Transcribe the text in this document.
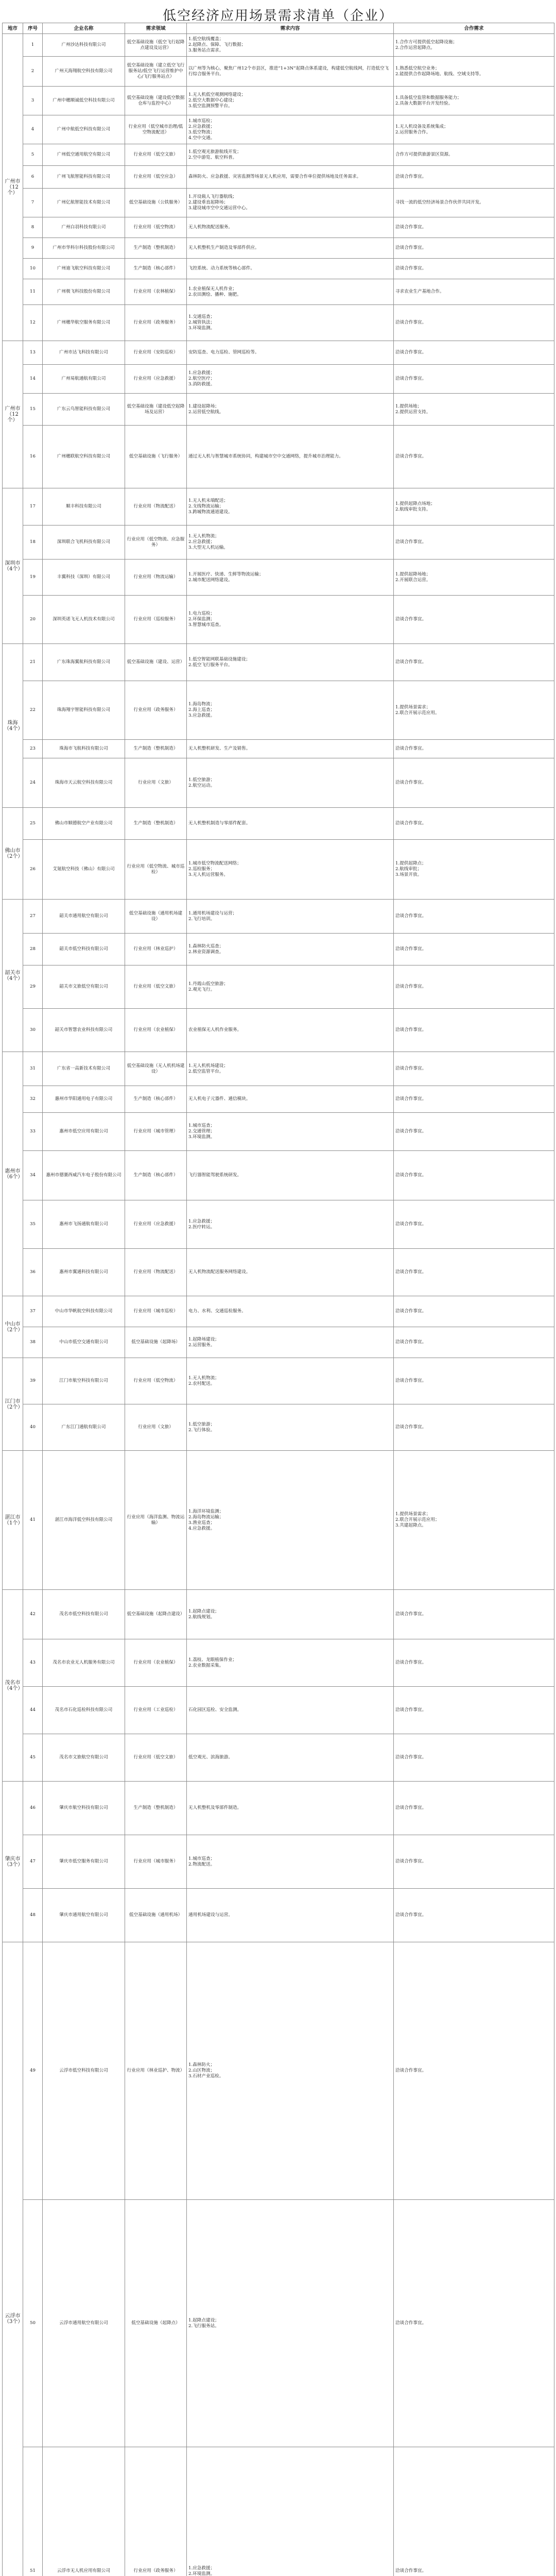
低空经济应用场景需求清单（企业）
地市	序号	企业名称	需求领域	需求内容	合作需求
广州市（12个）	1	广州沙达科技有限公司	低空基础设施（低空飞行起降点建设及运营）	1.低空航线覆盖；
2.起降点、保障、飞行数据；
3.服务站点需求。	1.合作方可提供低空起降设施；
2.合作运营起降点。

	2	广州天海翔航空科技有限公司	低空基础设施（建立低空飞行服务站/低空飞行运营维护中心/飞行服务站点）	以广州等为核心，聚焦广州12个市县区，推进“1+3N”起降点体系建设，构建低空航线网，打造低空飞行综合服务平台。	1.熟悉低空航空业务；
2.能提供合作起降场地、航线、空域支持等。

	3	广州中穗顺诚低空科技有限公司	低空基础设施（建设低空数据仓库与监控中心）	1.无人机低空观测网络建设；
2.低空大数据中心建设；
3.低空监测预警平台。	1.具备低空监管和数据服务能力；
2.具备大数据平台开发经验。

	4	广州中航低空科技有限公司	行业应用（低空城市治理/低空物流配送）	1.城市巡检；
2.应急救援；
3.低空物流；
4.空中交通。	1.无人机设备及系统集成；
2.运营服务合作。

	5	广州低空通用航空有限公司	行业应用（低空文旅）	1.低空观光旅游航线开发；
2.空中游览、航空科普。	合作方可提供旅游景区资源。

	6	广州飞航智能科技有限公司	行业应用（低空应急）	森林防火、应急救援、灾害监测等场景无人机应用，需要合作单位提供场地及任务需求。	洽谈合作事宜。

	7	广州亿航智能技术有限公司	低空基础设施（公铁服务）	1.开设载人飞行器航线；
2.建设垂直起降场；
3.建设城市空中交通运营中心。	寻找一流的低空经济场景合作伙伴共同开发。

	8	广州白羽科技有限公司	行业应用（低空物流）	无人机物流配送服务。	洽谈合作事宜。

	9	广州市华科尔科技股份有限公司	生产制造（整机制造）	无人机整机生产制造及零部件供应。	洽谈合作事宜。

	10	广州迪飞航空科技有限公司	生产制造（核心部件）	飞控系统、动力系统等核心部件。	洽谈合作事宜。

	11	广州极飞科技股份有限公司	行业应用（农林植保）	1.农业植保无人机作业；
2.农田测绘、播种、施肥。	寻求农业生产基地合作。

	12	广州穗华航空服务有限公司	行业应用（政务服务）	1.交通巡查；
2.城管执法；
3.环境监测。	洽谈合作事宜。

广州市（12个）	13	广州市达飞科技有限公司	行业应用（安防巡检）	安防巡查、电力巡检、管网巡检等。	洽谈合作事宜。

	14	广州易航通航有限公司	行业应用（应急救援）	1.应急救援；
2.航空医疗；
3.消防救援。	洽谈合作事宜。

	15	广东云鸟智能科技有限公司	低空基础设施（建设低空起降场及运营）	1.建设起降场；
2.运营低空航线。	1.提供场地；
2.提供运营支持。

	16	广州穗联航空科技有限公司	低空基础设施（飞行服务）	通过无人机与智慧城市系统协同，构建城市空中交通网络，提升城市治理能力。	洽谈合作事宜。

深圳市（4个）	17	顺丰科技有限公司	行业应用（物流配送）	1.无人机末端配送；
2.支线物流运输；
3.跨城物流通道建设。	1.提供起降点场地；
2.航线审批支持。

	18	深圳联合飞机科技有限公司	行业应用（低空物流、应急服务）	1.无人机物流；
2.应急救援；
3.大型无人机运输。	洽谈合作事宜。

	19	丰翼科技（深圳）有限公司	行业应用（物流运输）	1.开展医疗、快递、生鲜等物流运输；
2.城市配送网络建设。	1.提供起降场地；
2.开展联合运营。

	20	深圳英诺飞无人机技术有限公司	行业应用（巡检服务）	1.电力巡检；
2.环保监测；
3.智慧城市巡查。	洽谈合作事宜。

珠海（4个）	21	广东珠海翼航科技有限公司	低空基础设施（建设、运营）	1.低空智能网联基础设施建设；
2.低空飞行服务平台。	洽谈合作事宜。

	22	珠海翔宇智能科技有限公司	行业应用（政务服务）	1.海岛物流；
2.海上巡查；
3.应急救援。	1.提供场景需求；
2.联合开展示范应用。

	23	珠海市飞航科技有限公司	生产制造（整机制造）	无人机整机研发、生产及销售。	洽谈合作事宜。

	24	珠海市天云航空科技有限公司	行业应用（文旅）	1.低空旅游；
2.航空运动。	洽谈合作事宜。

佛山市（2个）	25	佛山市顺德航空产业有限公司	生产制造（整机制造）	无人机整机制造与零部件配套。	洽谈合作事宜。

	26	艾氪航空科技（佛山）有限公司	行业应用（低空物流、城市巡检）	1.城市低空物流配送网络；
2.巡检服务；
3.无人机运营服务。	1.提供起降点；
2.航线审批；
3.场景开放。

韶关市（4个）	27	韶关市通用航空有限公司	低空基础设施（通用机场建设）	1.通用机场建设与运营；
2.飞行培训。	洽谈合作事宜。

	28	韶关市低空科技有限公司	行业应用（林业巡护）	1.森林防火巡查；
2.林业资源调查。	洽谈合作事宜。

	29	韶关市文旅低空有限公司	行业应用（低空文旅）	1.丹霞山低空旅游；
2.观光飞行。	洽谈合作事宜。

	30	韶关市智慧农业科技有限公司	行业应用（农业植保）	农业植保无人机作业服务。	洽谈合作事宜。

惠州市（6个）	31	广东省一高新技术有限公司	低空基础设施（无人机机场建设）	1.无人机机场建设；
2.低空监管平台。	洽谈合作事宜。

	32	惠州市华阳通用电子有限公司	生产制造（核心部件）	无人机电子元器件、通信模块。	洽谈合作事宜。

	33	惠州市低空应用有限公司	行业应用（城市管理）	1.城市巡查；
2.交通管理；
3.环境监测。	洽谈合作事宜。

	34	惠州市德赛西威汽车电子股份有限公司	生产制造（核心部件）	飞行器智能驾驶系统研发。	洽谈合作事宜。

	35	惠州市飞扬通航有限公司	行业应用（应急救援）	1.应急救援；
2.医疗转运。	洽谈合作事宜。

	36	惠州市翼通科技有限公司	行业应用（物流配送）	无人机物流配送服务网络建设。	洽谈合作事宜。

中山市（2个）	37	中山市华帆航空科技有限公司	行业应用（城市巡检）	电力、水利、交通巡检服务。	洽谈合作事宜。

	38	中山市低空交通有限公司	低空基础设施（起降场）	1.起降场建设；
2.运营服务。	洽谈合作事宜。

江门市（2个）	39	江门市航空科技有限公司	行业应用（低空物流）	1.无人机物流；
2.农村配送。	洽谈合作事宜。

	40	广东江门通航有限公司	行业应用（文旅）	1.低空旅游；
2.飞行体验。	洽谈合作事宜。

湛江市（1个）	41	湛江市海洋低空科技有限公司	行业应用（海洋监测、物流运输）	1.海洋环境监测；
2.海岛物流运输；
3.渔业巡查；
4.应急救援。	1.提供场景需求；
2.联合开展示范应用；
3.共建起降点。

茂名市（4个）	42	茂名市低空科技有限公司	低空基础设施（起降点建设）	1.起降点建设；
2.航线规划。	洽谈合作事宜。

	43	茂名市农业无人机服务有限公司	行业应用（农业植保）	1.荔枝、龙眼植保作业；
2.农业数据采集。	洽谈合作事宜。

	44	茂名市石化巡检科技有限公司	行业应用（工业巡检）	石化园区巡检、安全监测。	洽谈合作事宜。

	45	茂名市文旅航空有限公司	行业应用（低空文旅）	低空观光、滨海旅游。	洽谈合作事宜。

肇庆市（3个）	46	肇庆市航空科技有限公司	生产制造（整机制造）	无人机整机及零部件制造。	洽谈合作事宜。

	47	肇庆市低空服务有限公司	行业应用（城市服务）	1.城市巡查；
2.物流配送。	洽谈合作事宜。

	48	肇庆市通用航空有限公司	低空基础设施（通用机场）	通用机场建设与运营。	洽谈合作事宜。

云浮市（3个）	49	云浮市低空科技有限公司	行业应用（林业巡护、物流）	1.森林防火；
2.山区物流；
3.石材产业巡检。	洽谈合作事宜。

	50	云浮市通用航空有限公司	低空基础设施（起降点）	1.起降点建设；
2.飞行服务站。	洽谈合作事宜。

	51	云浮市无人机应用有限公司	行业应用（政务服务）	1.应急救援；
2.环境监测。	洽谈合作事宜。
